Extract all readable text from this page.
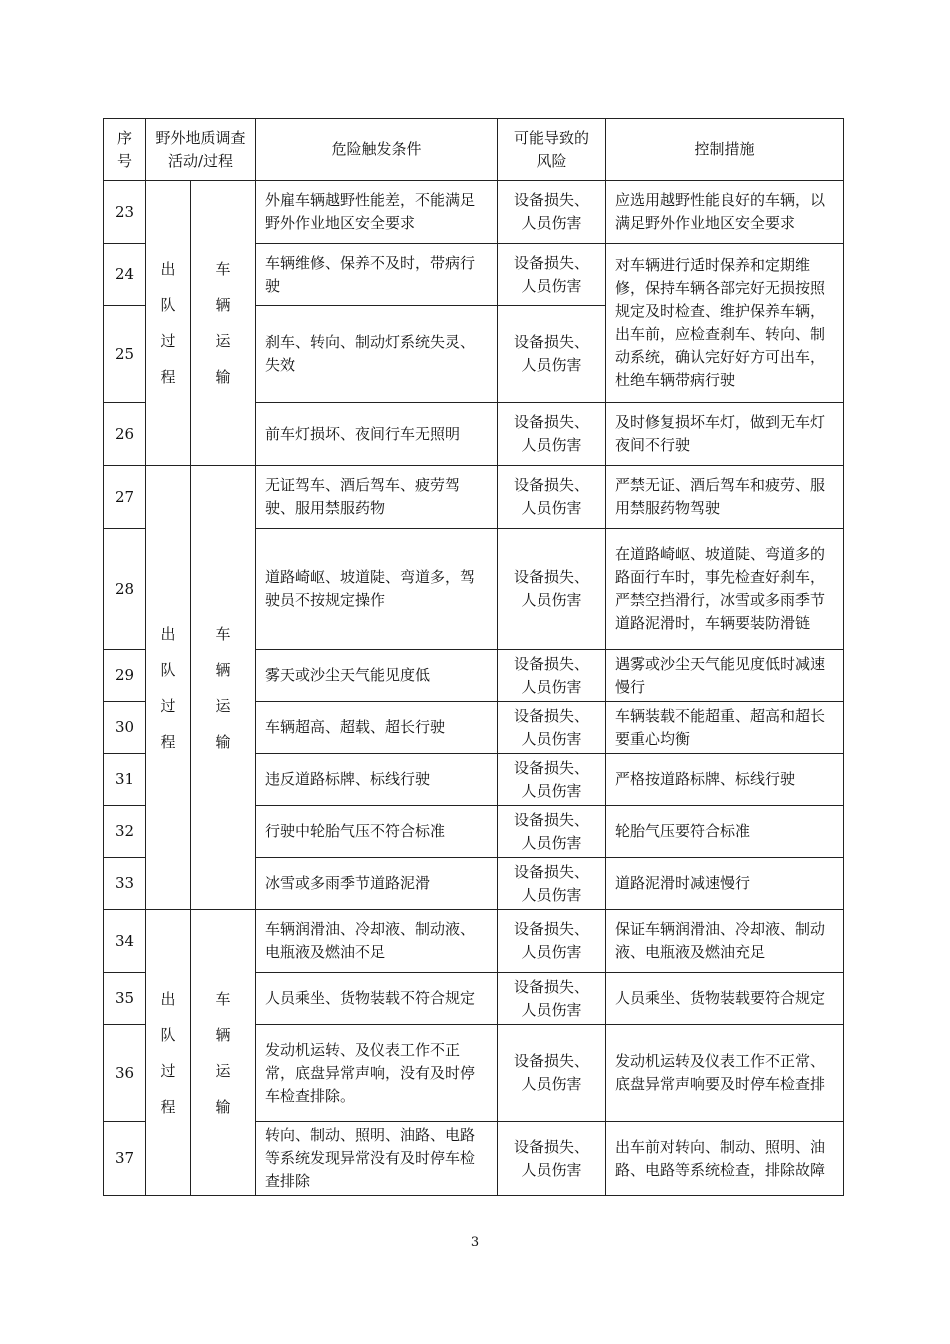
序号	野外地质调查
活动/过程		危险触发条件	可能导致的风险	控制措施
23	出队过程	车辆运输	外雇车辆越野性能差，不能满足野外作业地区安全要求	设备损失、人员伤害	应选用越野性能良好的车辆，以满足野外作业地区安全要求
24			车辆维修、保养不及时，带病行驶	设备损失、人员伤害	对车辆进行适时保养和定期维修，保持车辆各部完好无损按照规定及时检查、维护保养车辆，出车前，应检查刹车、转向、制动系统，确认完好好方可出车，杜绝车辆带病行驶
25			刹车、转向、制动灯系统失灵、失效	设备损失、人员伤害	
26			前车灯损坏、夜间行车无照明	设备损失、人员伤害	及时修复损坏车灯，做到无车灯夜间不行驶
27	出队过程	车辆运输	无证驾车、酒后驾车、疲劳驾驶、服用禁服药物	设备损失、人员伤害	严禁无证、酒后驾车和疲劳、服用禁服药物驾驶
28			道路崎岖、坡道陡、弯道多，驾驶员不按规定操作	设备损失、人员伤害	在道路崎岖、坡道陡、弯道多的路面行车时，事先检查好刹车，严禁空挡滑行，冰雪或多雨季节道路泥滑时，车辆要装防滑链
29			雾天或沙尘天气能见度低	设备损失、人员伤害	遇雾或沙尘天气能见度低时减速慢行
30			车辆超高、超载、超长行驶	设备损失、人员伤害	车辆装载不能超重、超高和超长要重心均衡
31			违反道路标牌、标线行驶	设备损失、人员伤害	严格按道路标牌、标线行驶
32			行驶中轮胎气压不符合标准	设备损失、人员伤害	轮胎气压要符合标准
33			冰雪或多雨季节道路泥滑	设备损失、人员伤害	道路泥滑时减速慢行
34	出队过程	车辆运输	车辆润滑油、冷却液、制动液、电瓶液及燃油不足	设备损失、人员伤害	保证车辆润滑油、冷却液、制动液、电瓶液及燃油充足
35			人员乘坐、货物装载不符合规定	设备损失、人员伤害	人员乘坐、货物装载要符合规定
36			发动机运转、及仪表工作不正常，底盘异常声响，没有及时停车检查排除。	设备损失、人员伤害	发动机运转及仪表工作不正常、底盘异常声响要及时停车检查排
37			转向、制动、照明、油路、电路等系统发现异常没有及时停车检查排除	设备损失、人员伤害	出车前对转向、制动、照明、油路、电路等系统检查，排除故障
3
